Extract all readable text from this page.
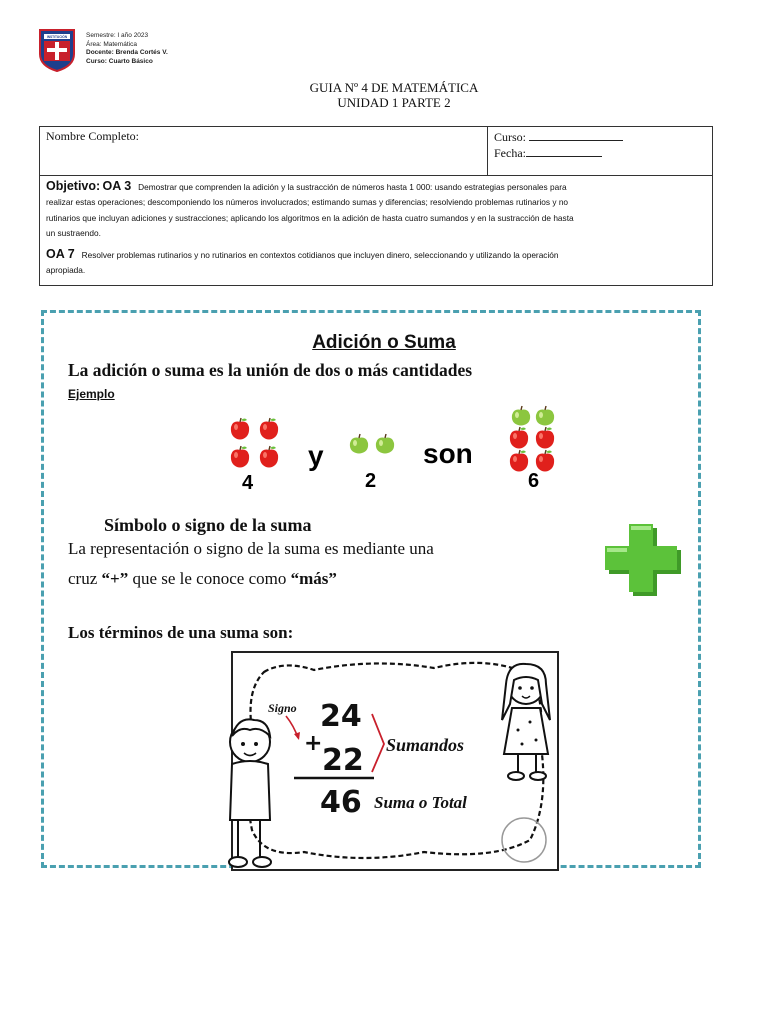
INSTITUCIÓN	Semestre: I año 2023
Área: Matemática
Docente: Brenda Cortés V.
Curso: Cuarto Básico
GUIA Nº 4 DE MATEMÁTICA
UNIDAD 1 PARTE 2
Nombre Completo:	Curso:
Fecha:

Objetivo: OA 3 Demostrar que comprenden la adición y la sustracción de números hasta 1 000: usando estrategias personales para
realizar estas operaciones; descomponiendo los números involucrados; estimando sumas y diferencias; resolviendo problemas rutinarios y no
rutinarios que incluyan adiciones y sustracciones; aplicando los algoritmos en la adición de hasta cuatro sumandos y en la sustracción de hasta
un sustraendo.
OA 7 Resolver problemas rutinarios y no rutinarios en contextos cotidianos que incluyen dinero, seleccionando y utilizando la operación
apropiada.
Adición o Suma
La adición o suma es la unión de dos o más cantidades
Ejemplo
y	son
4	2	6
Símbolo o signo de la suma
La representación o signo de la suma es mediante una
cruz “+” que se le conoce como “más”
Los términos de una suma son:
Signo 24
+ 22 Sumandos
46 Suma o Total
